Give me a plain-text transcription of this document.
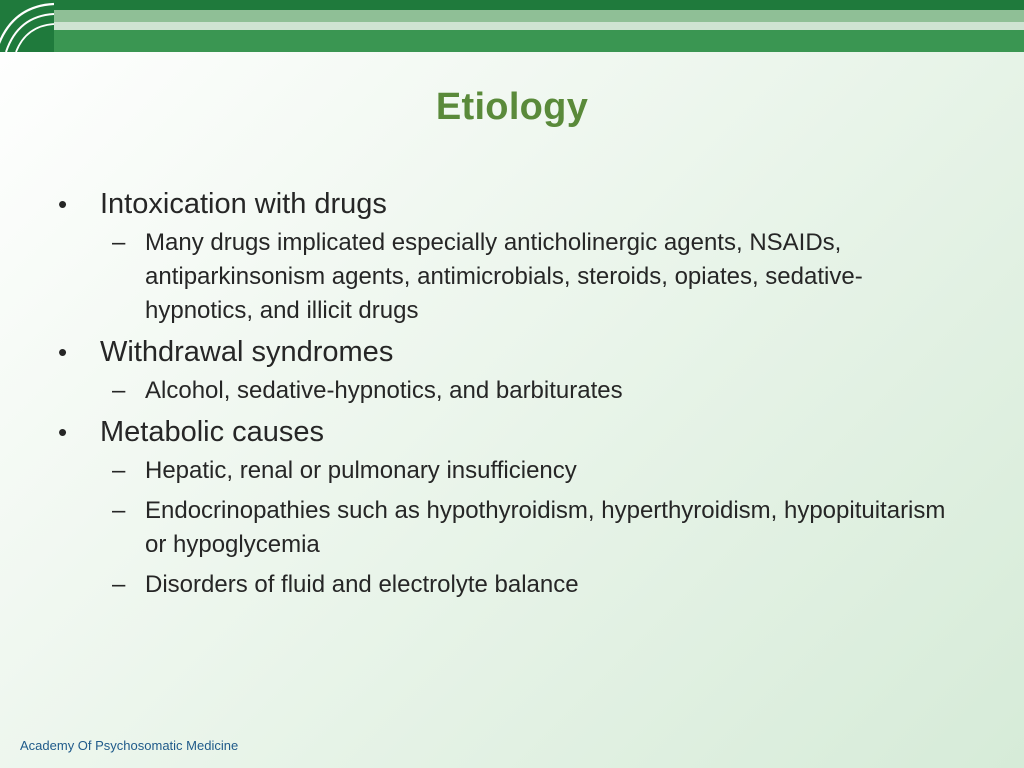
Etiology
•	Intoxication with drugs
– Many drugs implicated especially anticholinergic agents, NSAIDs, antiparkinsonism agents, antimicrobials, steroids, opiates, sedative-hypnotics, and illicit drugs
•	Withdrawal syndromes
– Alcohol, sedative-hypnotics, and barbiturates
•	Metabolic causes
– Hepatic, renal or pulmonary insufficiency
– Endocrinopathies such as hypothyroidism, hyperthyroidism, hypopituitarism or hypoglycemia
– Disorders of fluid and electrolyte balance
Academy Of Psychosomatic Medicine
